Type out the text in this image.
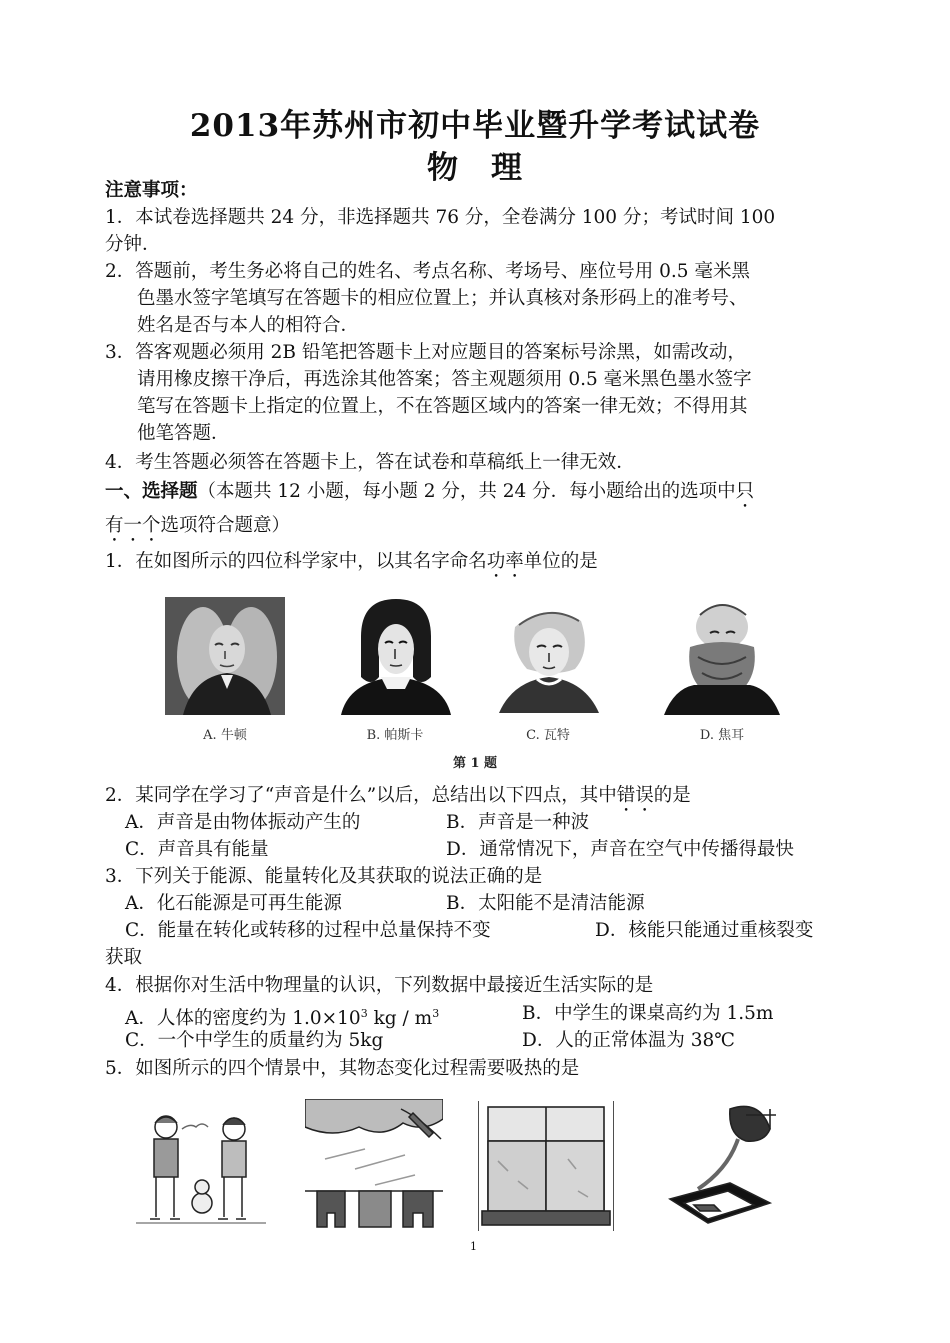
2013年苏州市初中毕业暨升学考试试卷
物　理
注意事项：
1．本试卷选择题共 24 分，非选择题共 76 分，全卷满分 100 分；考试时间 100
分钟．
2．答题前，考生务必将自己的姓名、考点名称、考场号、座位号用 0.5 毫米黑
色墨水签字笔填写在答题卡的相应位置上；并认真核对条形码上的准考号、
姓名是否与本人的相符合．
3．答客观题必须用 2B 铅笔把答题卡上对应题目的答案标号涂黑，如需改动，
请用橡皮擦干净后，再选涂其他答案；答主观题须用 0.5 毫米黑色墨水签字
笔写在答题卡上指定的位置上，不在答题区域内的答案一律无效；不得用其
他笔答题．
4．考生答题必须答在答题卡上，答在试卷和草稿纸上一律无效．
一、选择题（本题共 12 小题，每小题 2 分，共 24 分．每小题给出的选项中只
有一个选项符合题意）
1．在如图所示的四位科学家中，以其名字命名功率单位的是
A. 牛顿	B. 帕斯卡	C. 瓦特	D. 焦耳
第 1 题
2．某同学在学习了“声音是什么”以后，总结出以下四点，其中错误的是
A．声音是由物体振动产生的	B．声音是一种波
C．声音具有能量	D．通常情况下，声音在空气中传播得最快
3．下列关于能源、能量转化及其获取的说法正确的是
A．化石能源是可再生能源	B．太阳能不是清洁能源
C．能量在转化或转移的过程中总量保持不变	D．核能只能通过重核裂变
获取
4．根据你对生活中物理量的认识，下列数据中最接近生活实际的是
A．人体的密度约为 $1.0\times 10^3$ kg / $m^3$	B．中学生的课桌高约为 1.5m
C．一个中学生的质量约为 5kg	D．人的正常体温为 38℃
5．如图所示的四个情景中，其物态变化过程需要吸热的是
1
